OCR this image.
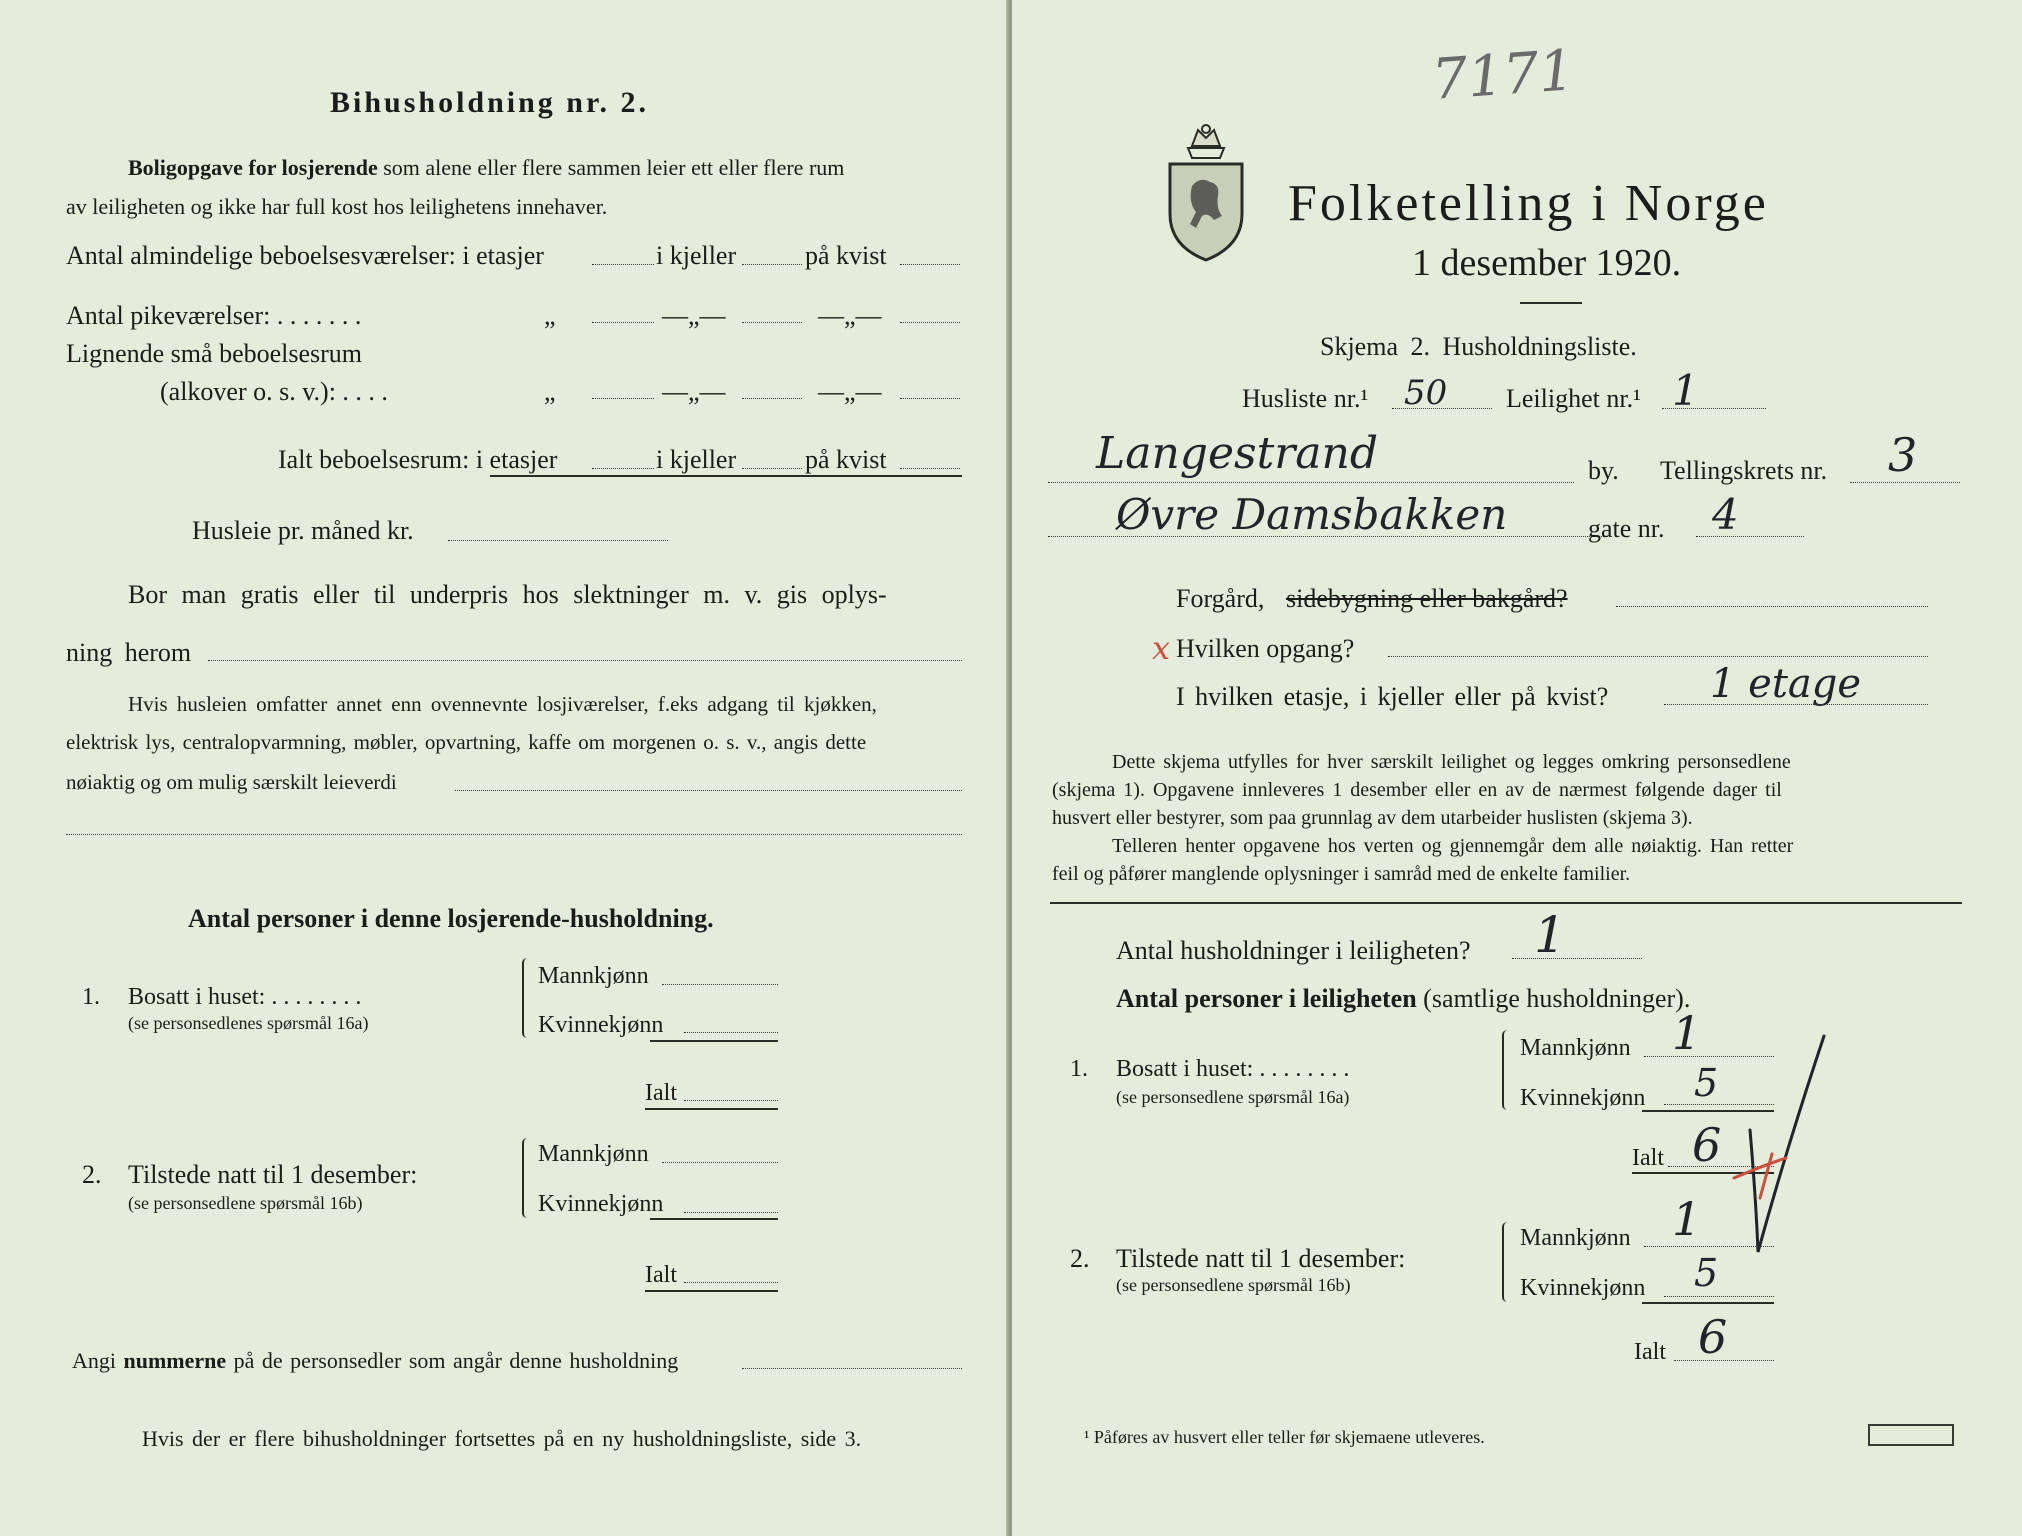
Bihusholdning nr. 2.
Boligopgave for losjerende som alene eller flere sammen leier ett eller flere rum
av leiligheten og ikke har full kost hos leilighetens innehaver.
Antal almindelige beboelsesværelser: i etasjer	i kjeller	på kvist
Antal pikeværelser: . . . . . . .	„	—„—	—„—
Lignende små beboelsesrum
(alkover o. s. v.): . . . .	„	—„—	—„—
Ialt beboelsesrum: i etasjer	i kjeller	på kvist
Husleie pr. måned kr.
Bor man gratis eller til underpris hos slektninger m. v. gis oplys-
ning herom
Hvis husleien omfatter annet enn ovennevnte losjiværelser, f.eks adgang til kjøkken,
elektrisk lys, centralopvarmning, møbler, opvartning, kaffe om morgenen o. s. v., angis dette
nøiaktig og om mulig særskilt leieverdi
Antal personer i denne losjerende-husholdning.
1. Bosatt i huset: . . . . . . . .
(se personsedlenes spørsmål 16a)
Mannkjønn
Kvinnekjønn
Ialt
2. Tilstede natt til 1 desember:
(se personsedlene spørsmål 16b)
Mannkjønn
Kvinnekjønn
Ialt
Angi nummerne på de personsedler som angår denne husholdning
Hvis der er flere bihusholdninger fortsettes på en ny husholdningsliste, side 3.
7171
Folketelling i Norge
1 desember 1920.
Skjema 2. Husholdningsliste.
Husliste nr.¹ 50 Leilighet nr.¹ 1
Langestrand	by. Tellingskrets nr. 3
Øvre Damsbakken	gate nr. 4
Forgård, sidebygning eller bakgård?
x Hvilken opgang?
I hvilken etasje, i kjeller eller på kvist?	1 etage
Dette skjema utfylles for hver særskilt leilighet og legges omkring personsedlene
(skjema 1). Opgavene innleveres 1 desember eller en av de nærmest følgende dager til
husvert eller bestyrer, som paa grunnlag av dem utarbeider huslisten (skjema 3).
Telleren henter opgavene hos verten og gjennemgår dem alle nøiaktig. Han retter
feil og påfører manglende oplysninger i samråd med de enkelte familier.
Antal husholdninger i leiligheten? 1
Antal personer i leiligheten (samtlige husholdninger).
1. Bosatt i huset: . . . . . . . .
(se personsedlene spørsmål 16a)
Mannkjønn 1
Kvinnekjønn 5
Ialt 6
2. Tilstede natt til 1 desember:
(se personsedlene spørsmål 16b)
Mannkjønn 1
Kvinnekjønn 5
Ialt 6
¹ Påføres av husvert eller teller før skjemaene utleveres.
